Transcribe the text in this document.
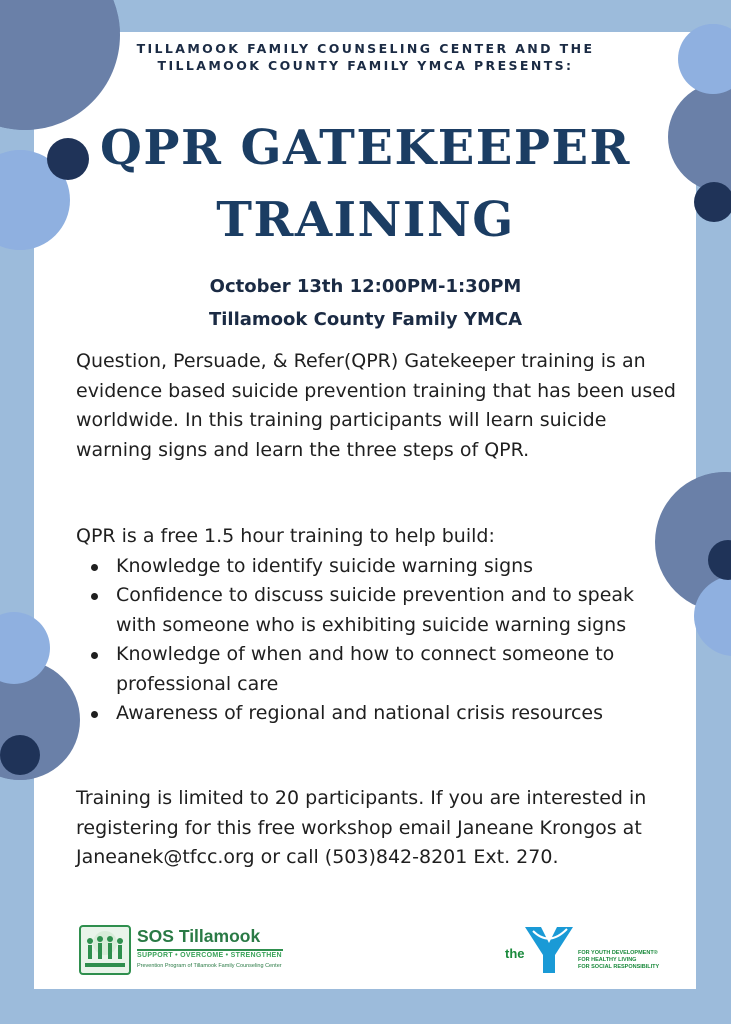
TILLAMOOK FAMILY COUNSELING CENTER AND THE
TILLAMOOK COUNTY FAMILY YMCA PRESENTS:
QPR GATEKEEPER
TRAINING
October 13th 12:00PM-1:30PM
Tillamook County Family YMCA
Question, Persuade, & Refer(QPR) Gatekeeper training is an evidence based suicide prevention training that has been used worldwide. In this training participants will learn suicide warning signs and learn the three steps of QPR.
QPR is a free 1.5 hour training to help build:
Knowledge to identify suicide warning signs
Confidence to discuss suicide prevention and to speak with someone who is exhibiting suicide warning signs
Knowledge of when and how to connect someone to professional care
Awareness of regional and national crisis resources
Training is limited to 20 participants. If you are interested in registering for this free workshop email Janeane Krongos at Janeanek@tfcc.org or call (503)842-8201 Ext. 270.
SOS Tillamook
SUPPORT • OVERCOME • STRENGTHEN
Prevention Program of Tillamook Family Counseling Center
the	FOR YOUTH DEVELOPMENT®
FOR HEALTHY LIVING
FOR SOCIAL RESPONSIBILITY
